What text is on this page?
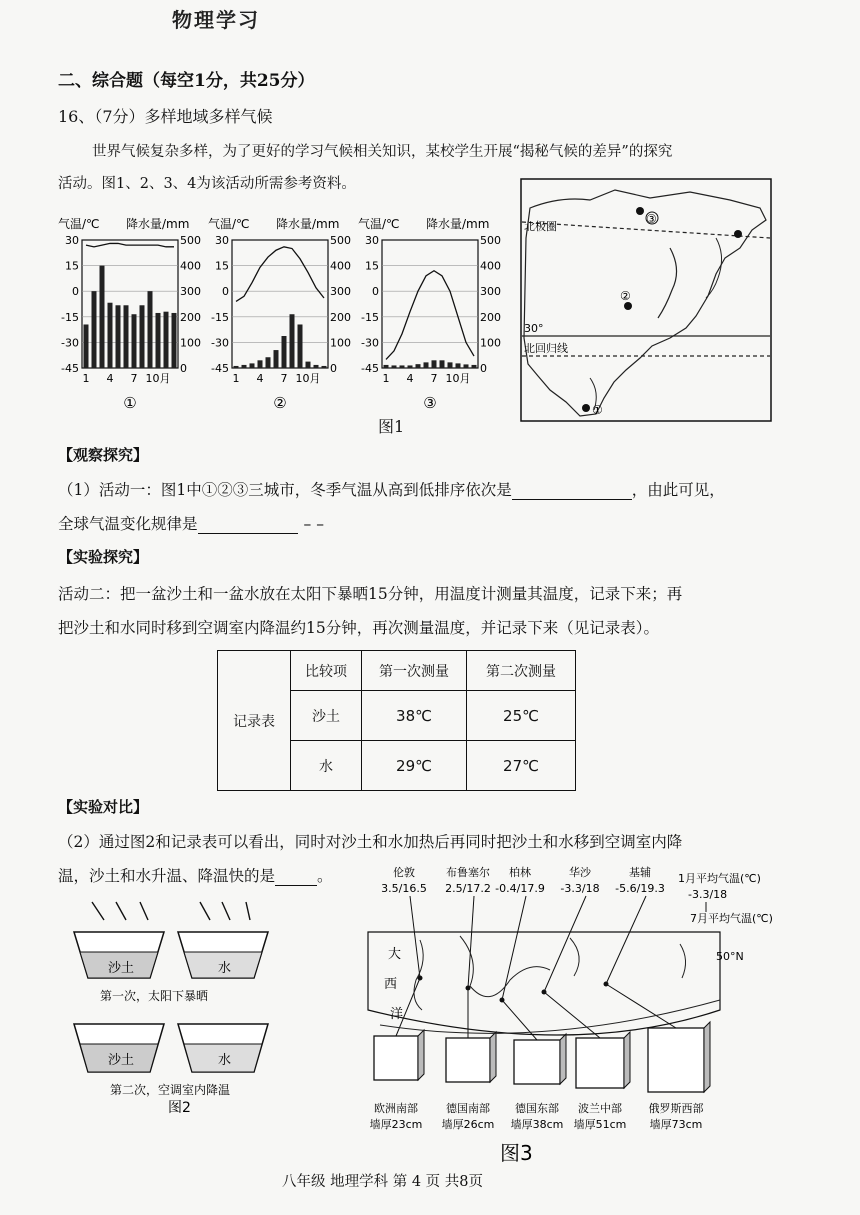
物理学习
二、综合题（每空1分，共25分）
16、（7分）多样地域多样气候
世界气候复杂多样，为了更好的学习气候相关知识，某校学生开展“揭秘气候的差异”的探究
活动。图1、2、3、4为该活动所需参考资料。
气温/℃ 降水量/mm
30	500
15	400
0	300
-15	200
-30	100
-45	0
1 4 7 10月
①
气温/℃ 降水量/mm
30	500
15	400
0	300
-15	200
-30	100
-45	0
1 4 7 10月
②
气温/℃ 降水量/mm
30	500
15	400
0	300
-15	200
-30	100
-45	0
1 4 7 10月
③
图1
北极圈
30°
北回归线
③
②
①
【观察探究】
（1）活动一：图1中①②③三城市，冬季气温从高到低排序依次是	，由此可见，
全球气温变化规律是	– –
【实验探究】
活动二：把一盆沙土和一盆水放在太阳下暴晒15分钟，用温度计测量其温度，记录下来；再
把沙土和水同时移到空调室内降温约15分钟，再次测量温度，并记录下来（见记录表）。
记录表	比较项	第一次测量	第二次测量
	沙土	38℃	25℃
	水	29℃	27℃
【实验对比】
（2）通过图2和记录表可以看出，同时对沙土和水加热后再同时把沙土和水移到空调室内降
温，沙土和水升温、降温快的是	。
沙土	水
第一次，太阳下暴晒
沙土	水
第二次，空调室内降温
图2
伦敦
3.5/16.5
欧洲南部
墙厚23cm
布鲁塞尔
2.5/17.2
德国南部
墙厚26cm
柏林
-0.4/17.9
德国东部
墙厚38cm
华沙
-3.3/18
波兰中部
墙厚51cm
基辅
-5.6/19.3
俄罗斯西部
墙厚73cm
1月平均气温(℃)
-3.3/18
7月平均气温(℃)
大
西
洋
50°N
图3
八年级 地理学科 第 4 页 共8页
